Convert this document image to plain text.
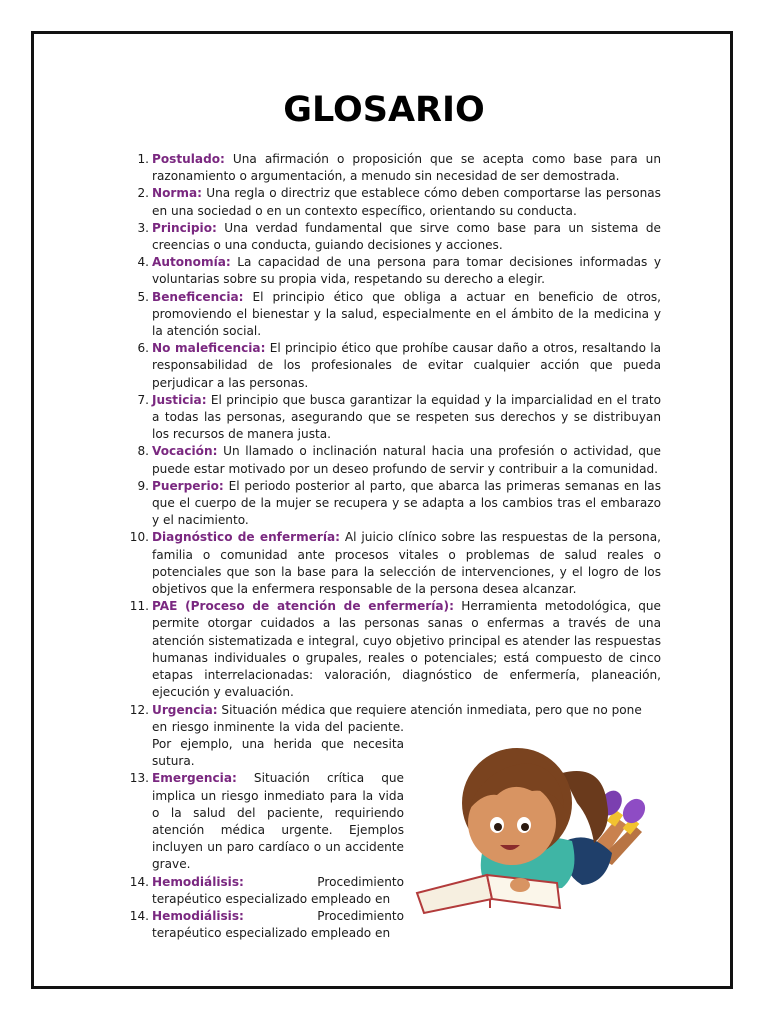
GLOSARIO
1. Postulado: Una afirmación o proposición que se acepta como base para un razonamiento o argumentación, a menudo sin necesidad de ser demostrada.
2. Norma: Una regla o directriz que establece cómo deben comportarse las personas en una sociedad o en un contexto específico, orientando su conducta.
3. Principio: Una verdad fundamental que sirve como base para un sistema de creencias o una conducta, guiando decisiones y acciones.
4. Autonomía: La capacidad de una persona para tomar decisiones informadas y voluntarias sobre su propia vida, respetando su derecho a elegir.
5. Beneficencia: El principio ético que obliga a actuar en beneficio de otros, promoviendo el bienestar y la salud, especialmente en el ámbito de la medicina y la atención social.
6. No maleficencia: El principio ético que prohíbe causar daño a otros, resaltando la responsabilidad de los profesionales de evitar cualquier acción que pueda perjudicar a las personas.
7. Justicia: El principio que busca garantizar la equidad y la imparcialidad en el trato a todas las personas, asegurando que se respeten sus derechos y se distribuyan los recursos de manera justa.
8. Vocación: Un llamado o inclinación natural hacia una profesión o actividad, que puede estar motivado por un deseo profundo de servir y contribuir a la comunidad.
9. Puerperio: El periodo posterior al parto, que abarca las primeras semanas en las que el cuerpo de la mujer se recupera y se adapta a los cambios tras el embarazo y el nacimiento.
10. Diagnóstico de enfermería: Al juicio clínico sobre las respuestas de la persona, familia o comunidad ante procesos vitales o problemas de salud reales o potenciales que son la base para la selección de intervenciones, y el logro de los objetivos que la enfermera responsable de la persona desea alcanzar.
11. PAE (Proceso de atención de enfermería): Herramienta metodológica, que permite otorgar cuidados a las personas sanas o enfermas a través de una atención sistematizada e integral, cuyo objetivo principal es atender las respuestas humanas individuales o grupales, reales o potenciales; está compuesto de cinco etapas interrelacionadas: valoración, diagnóstico de enfermería, planeación, ejecución y evaluación.
12. Urgencia: Situación médica que requiere atención inmediata, pero que no pone
en riesgo inminente la vida del paciente. Por ejemplo, una herida que necesita sutura.
13. Emergencia: Situación crítica que implica un riesgo inmediato para la vida o la salud del paciente, requiriendo atención médica urgente. Ejemplos incluyen un paro cardíaco o un accidente grave.
14. Hemodiálisis: Procedimiento terapéutico especializado empleado en
14. Hemodiálisis: Procedimiento terapéutico especializado empleado en
